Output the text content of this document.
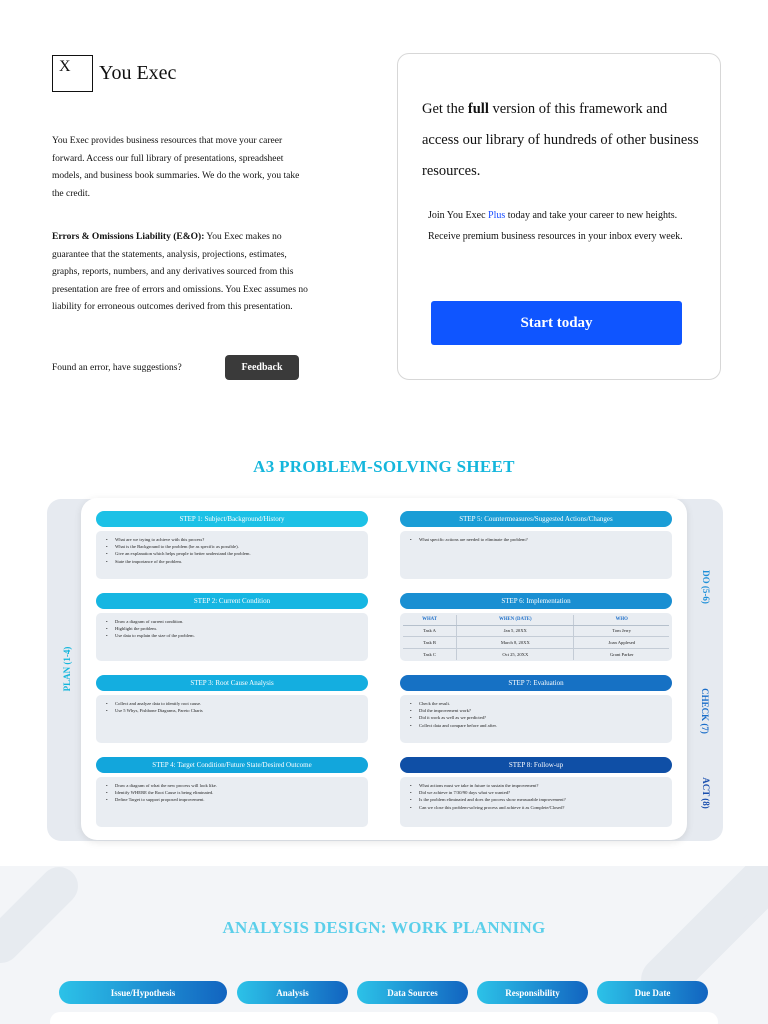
X	You Exec

You Exec provides business resources that move your career forward. Access our full library of presentations, spreadsheet models, and business book summaries. We do the work, you take the credit.

Errors & Omissions Liability (E&O): You Exec makes no guarantee that the statements, analysis, projections, estimates, graphs, reports, numbers, and any derivatives sourced from this presentation are free of errors and omissions. You Exec assumes no liability for erroneous outcomes derived from this presentation.

Found an error, have suggestions?	Feedback

Get the full version of this framework and access our library of hundreds of other business resources.

Join You Exec Plus today and take your career to new heights. Receive premium business resources in your inbox every week.

Start today
A3 PROBLEM-SOLVING SHEET
PLAN (1-4)
DO (5-6)
CHECK (7)
ACT (8)
STEP 1: Subject/Background/History
• What are we trying to achieve with this process?
• What is the Background to the problem (be as specific as possible).
• Give an explanation which helps people to better understand the problem.
• State the importance of the problem.
STEP 2: Current Condition
• Draw a diagram of current condition.
• Highlight the problem.
• Use data to explain the size of the problem.
STEP 3: Root Cause Analysis
• Collect and analyze data to identify root cause.
• Use 5 Whys, Fishbone Diagrams, Pareto Charts
STEP 4: Target Condition/Future State/Desired Outcome
• Draw a diagram of what the new process will look like.
• Identify WHERE the Root Cause is being eliminated.
• Define Target to support proposed improvement.
STEP 5: Countermeasures/Suggested Actions/Changes
• What specific actions are needed to eliminate the problem?
STEP 6: Implementation
WHAT	WHEN (DATE)	WHO
Task A	Jan 5, 20XX	Tom Jerry
Task B	March 8, 20XX	Joan Applesed
Task C	Oct 25, 20XX	Grant Parker
STEP 7: Evaluation
• Check the result.
• Did the improvement work?
• Did it work as well as we predicted?
• Collect data and compare before and after.
STEP 8: Follow-up
• What actions must we take in future to sustain the improvement?
• Did we achieve in 7/30/90 days what we wanted?
• Is the problem eliminated and does the process show measurable improvement?
• Can we close this problem-solving process and achieve it as Complete/Closed?
ANALYSIS DESIGN: WORK PLANNING
Issue/Hypothesis	Analysis	Data Sources	Responsibility	Due Date
